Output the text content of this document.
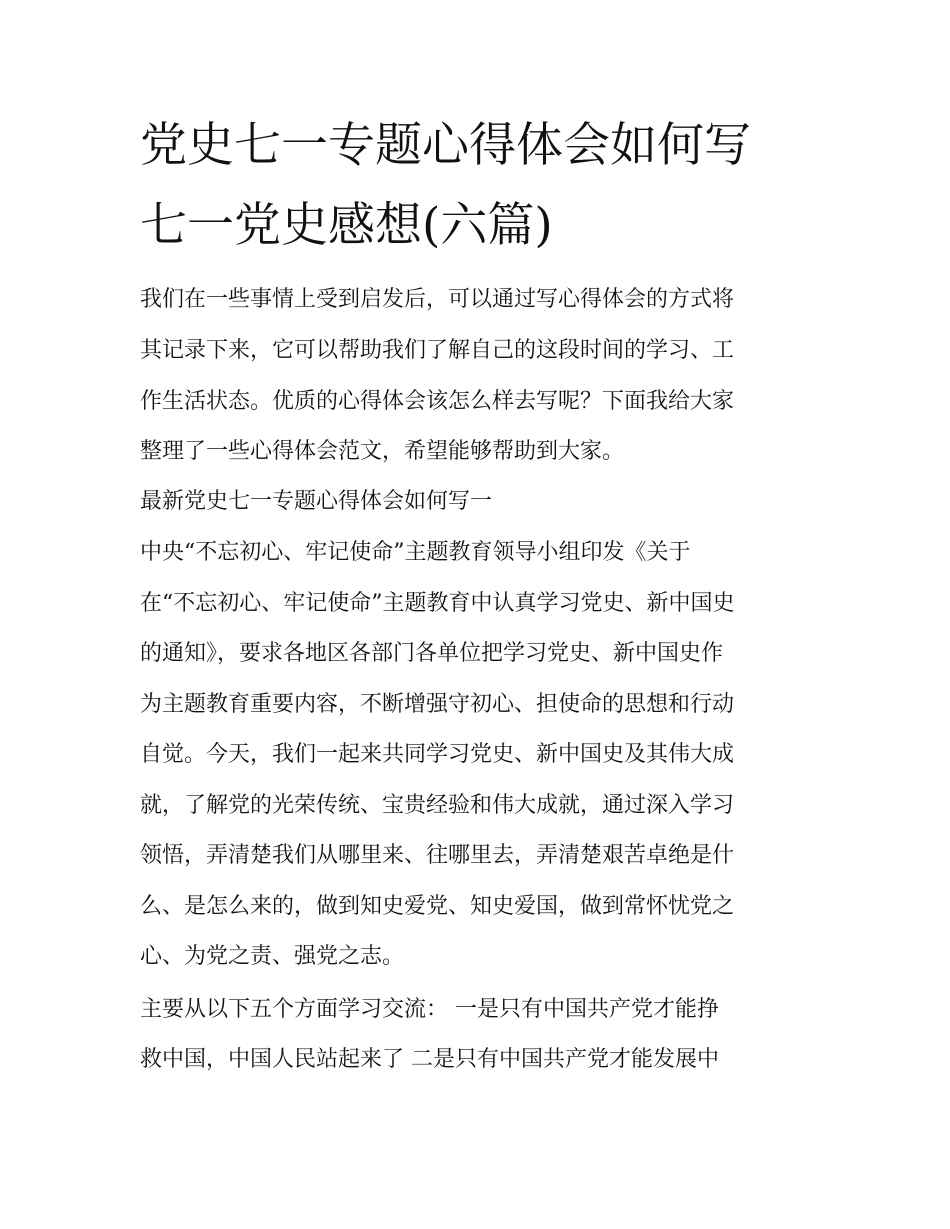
党史七一专题心得体会如何写
七一党史感想(六篇)

我们在一些事情上受到启发后，可以通过写心得体会的方式将

其记录下来，它可以帮助我们了解自己的这段时间的学习、工

作生活状态。优质的心得体会该怎么样去写呢？下面我给大家

整理了一些心得体会范文，希望能够帮助到大家。

最新党史七一专题心得体会如何写一

中央“不忘初心、牢记使命”主题教育领导小组印发《关于

在“不忘初心、牢记使命”主题教育中认真学习党史、新中国史

的通知》，要求各地区各部门各单位把学习党史、新中国史作

为主题教育重要内容，不断增强守初心、担使命的思想和行动

自觉。今天，我们一起来共同学习党史、新中国史及其伟大成

就，了解党的光荣传统、宝贵经验和伟大成就，通过深入学习

领悟，弄清楚我们从哪里来、往哪里去，弄清楚艰苦卓绝是什

么、是怎么来的，做到知史爱党、知史爱国，做到常怀忧党之

心、为党之责、强党之志。

主要从以下五个方面学习交流： 一是只有中国共产党才能挣

救中国，中国人民站起来了 二是只有中国共产党才能发展中
